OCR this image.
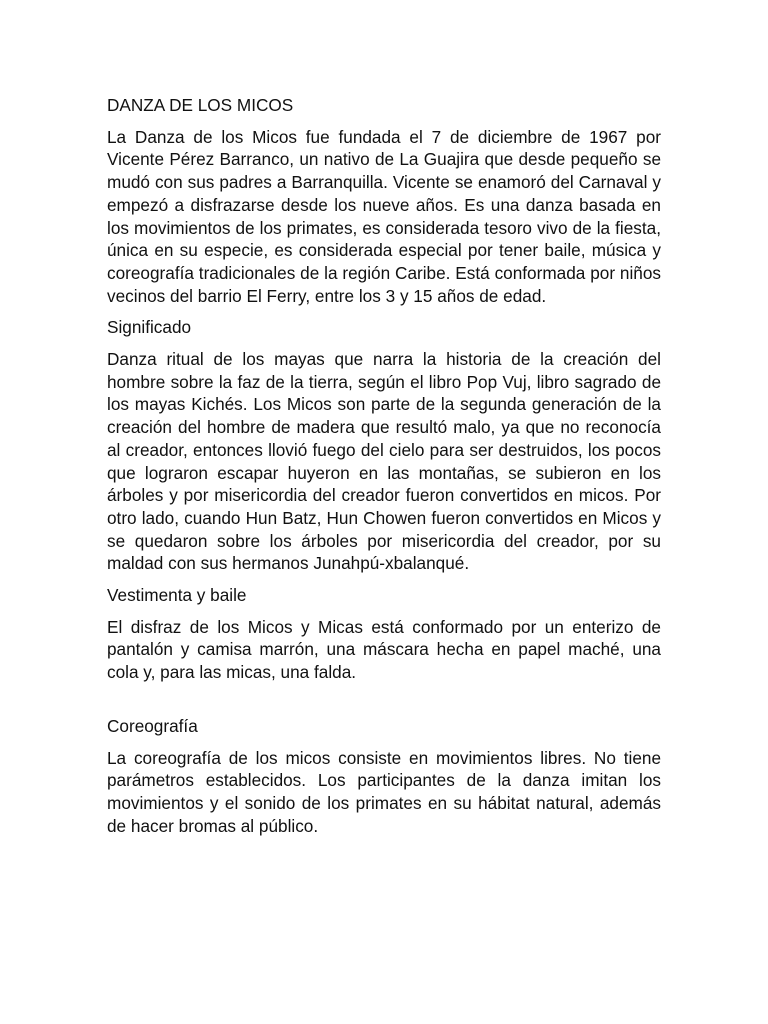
DANZA DE LOS MICOS

La Danza de los Micos fue fundada el 7 de diciembre de 1967 por Vicente Pérez Barranco, un nativo de La Guajira que desde pequeño se mudó con sus padres a Barranquilla. Vicente se enamoró del Carnaval y empezó a disfrazarse desde los nueve años. Es una danza basada en los movimientos de los primates, es considerada tesoro vivo de la fiesta, única en su especie, es considerada especial por tener baile, música y coreografía tradicionales de la región Caribe. Está conformada por niños vecinos del barrio El Ferry, entre los 3 y 15 años de edad.

Significado

Danza ritual de los mayas que narra la historia de la creación del hombre sobre la faz de la tierra, según el libro Pop Vuj, libro sagrado de los mayas Kichés. Los Micos son parte de la segunda generación de la creación del hombre de madera que resultó malo, ya que no reconocía al creador, entonces llovió fuego del cielo para ser destruidos, los pocos que lograron escapar huyeron en las montañas, se subieron en los árboles y por misericordia del creador fueron convertidos en micos. Por otro lado, cuando Hun Batz, Hun Chowen fueron convertidos en Micos y se quedaron sobre los árboles por misericordia del creador, por su maldad con sus hermanos Junahpú-xbalanqué.

Vestimenta y baile

El disfraz de los Micos y Micas está conformado por un enterizo de pantalón y camisa marrón, una máscara hecha en papel maché, una cola y, para las micas, una falda.

Coreografía

La coreografía de los micos consiste en movimientos libres. No tiene parámetros establecidos. Los participantes de la danza imitan los movimientos y el sonido de los primates en su hábitat natural, además de hacer bromas al público.
